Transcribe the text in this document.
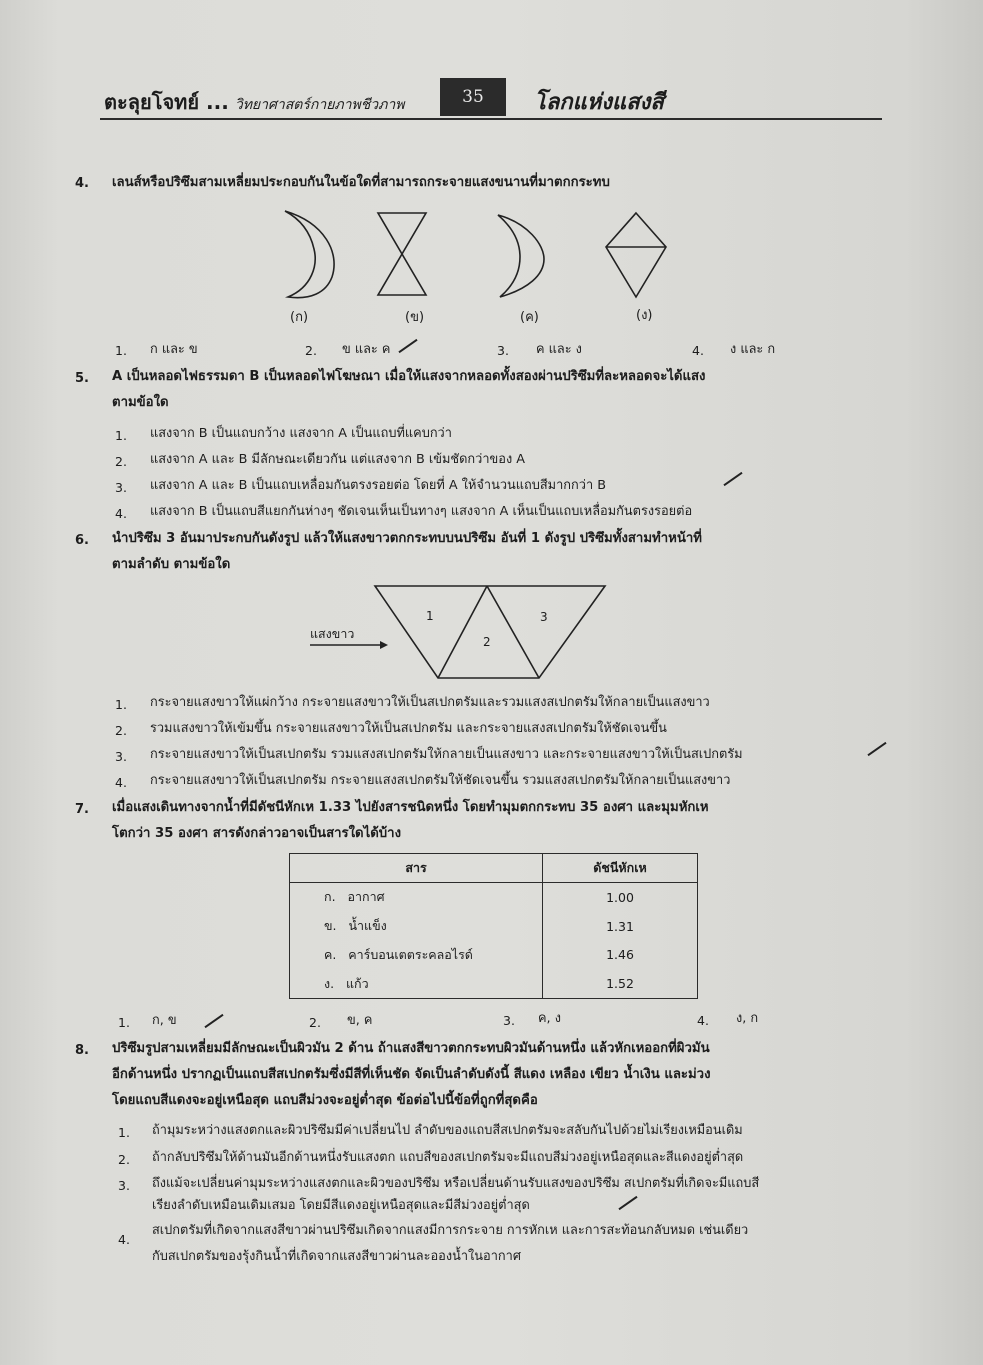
ตะลุยโจทย์ ... วิทยาศาสตร์กายภาพชีวภาพ	35	โลกแห่งแสงสี
4. เลนส์หรือปริซึมสามเหลี่ยมประกอบกันในข้อใดที่สามารถกระจายแสงขนานที่มาตกกระทบ
(ก)	(ข)	(ค)	(ง)
1. ก และ ข	2. ข และ ค	3. ค และ ง	4. ง และ ก
5. A เป็นหลอดไฟธรรมดา B เป็นหลอดไฟโฆษณา เมื่อให้แสงจากหลอดทั้งสองผ่านปริซึมที่ละหลอดจะได้แสง
ตามข้อใด
1. แสงจาก B เป็นแถบกว้าง แสงจาก A เป็นแถบที่แคบกว่า
2. แสงจาก A และ B มีลักษณะเดียวกัน แต่แสงจาก B เข้มชัดกว่าของ A
3. แสงจาก A และ B เป็นแถบเหลื่อมกันตรงรอยต่อ โดยที่ A ให้จำนวนแถบสีมากกว่า B
4. แสงจาก B เป็นแถบสีแยกกันห่างๆ ชัดเจนเห็นเป็นทางๆ แสงจาก A เห็นเป็นแถบเหลื่อมกันตรงรอยต่อ
6. นำปริซึม 3 อันมาประกบกันดังรูป แล้วให้แสงขาวตกกระทบบนปริซึม อันที่ 1 ดังรูป ปริซึมทั้งสามทำหน้าที่
ตามลำดับ ตามข้อใด
แสงขาว
1
2
3
1. กระจายแสงขาวให้แผ่กว้าง กระจายแสงขาวให้เป็นสเปกตรัมและรวมแสงสเปกตรัมให้กลายเป็นแสงขาว
2. รวมแสงขาวให้เข้มขึ้น กระจายแสงขาวให้เป็นสเปกตรัม และกระจายแสงสเปกตรัมให้ชัดเจนขึ้น
3. กระจายแสงขาวให้เป็นสเปกตรัม รวมแสงสเปกตรัมให้กลายเป็นแสงขาว และกระจายแสงขาวให้เป็นสเปกตรัม
4. กระจายแสงขาวให้เป็นสเปกตรัม กระจายแสงสเปกตรัมให้ชัดเจนขึ้น รวมแสงสเปกตรัมให้กลายเป็นแสงขาว
7. เมื่อแสงเดินทางจากน้ำที่มีดัชนีหักเห 1.33 ไปยังสารชนิดหนึ่ง โดยทำมุมตกกระทบ 35 องศา และมุมหักเห
โตกว่า 35 องศา สารดังกล่าวอาจเป็นสารใดได้บ้าง
สาร	ดัชนีหักเห
ก. อากาศ	1.00
ข. น้ำแข็ง	1.31
ค. คาร์บอนเตตระคลอไรด์	1.46
ง. แก้ว	1.52
1. ก, ข	2. ข, ค	3. ค, ง	4. ง, ก
8. ปริซึมรูปสามเหลี่ยมมีลักษณะเป็นผิวมัน 2 ด้าน ถ้าแสงสีขาวตกกระทบผิวมันด้านหนึ่ง แล้วหักเหออกที่ผิวมัน
อีกด้านหนึ่ง ปรากฏเป็นแถบสีสเปกตรัมซึ่งมีสีที่เห็นชัด จัดเป็นลำดับดังนี้ สีแดง เหลือง เขียว น้ำเงิน และม่วง
โดยแถบสีแดงจะอยู่เหนือสุด แถบสีม่วงจะอยู่ต่ำสุด ข้อต่อไปนี้ข้อที่ถูกที่สุดคือ
1. ถ้ามุมระหว่างแสงตกและผิวปริซึมมีค่าเปลี่ยนไป ลำดับของแถบสีสเปกตรัมจะสลับกันไปด้วยไม่เรียงเหมือนเดิม
2. ถ้ากลับปริซึมให้ด้านมันอีกด้านหนึ่งรับแสงตก แถบสีของสเปกตรัมจะมีแถบสีม่วงอยู่เหนือสุดและสีแดงอยู่ต่ำสุด
3. ถึงแม้จะเปลี่ยนค่ามุมระหว่างแสงตกและผิวของปริซึม หรือเปลี่ยนด้านรับแสงของปริซึม สเปกตรัมที่เกิดจะมีแถบสี
เรียงลำดับเหมือนเดิมเสมอ โดยมีสีแดงอยู่เหนือสุดและมีสีม่วงอยู่ต่ำสุด
4.
สเปกตรัมที่เกิดจากแสงสีขาวผ่านปริซึมเกิดจากแสงมีการกระจาย การหักเห และการสะท้อนกลับหมด เช่นเดียว
กับสเปกตรัมของรุ้งกินน้ำที่เกิดจากแสงสีขาวผ่านละอองน้ำในอากาศ
